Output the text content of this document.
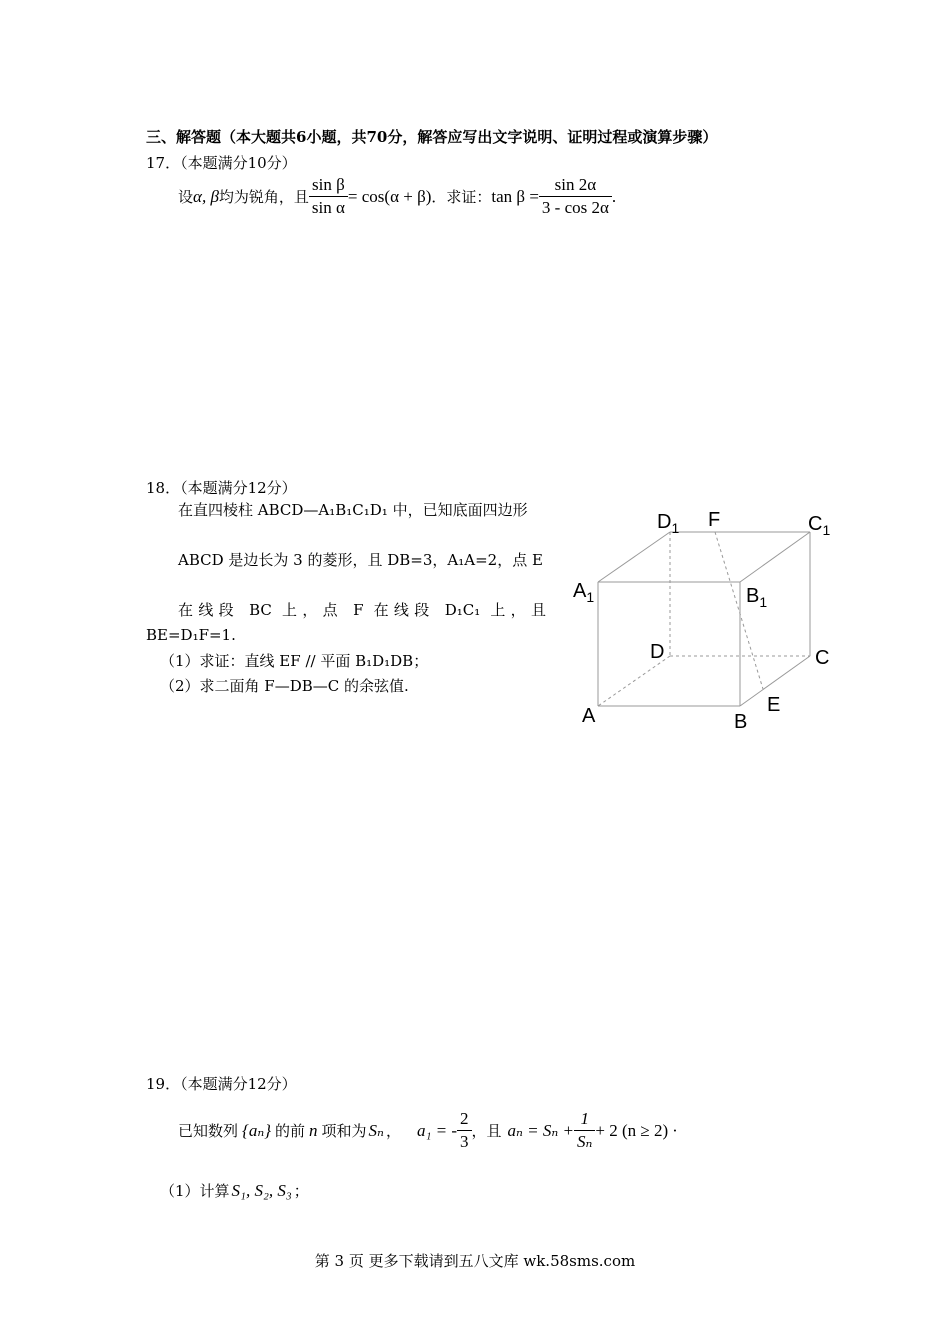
三、解答题（本大题共6小题，共70分，解答应写出文字说明、证明过程或演算步骤）
17．（本题满分10分）
设 α, β 均为锐角，且 $\frac{\text{sin β}}{\text{sin α}} = \cos(\alpha + \beta)$ ．求证： $\tan \beta = \frac{\sin 2\alpha}{3 - \cos 2\alpha}$ .
18．（本题满分12分）
在直四棱柱 ABCD—A₁B₁C₁D₁ 中，已知底面四边形
ABCD 是边长为 3 的菱形，且 DB=3，A₁A=2，点 E
在线段 BC 上，点 F 在线段 D₁C₁ 上，且 BE=D₁F=1.
（1）求证：直线 EF // 平面 B₁D₁DB；
（2）求二面角 F—DB—C 的余弦值.
$D_1$ F	$C_1$
$A_1$	$B_1$
D	C
A	B
E
19．（本题满分12分）
已知数列 {aₙ} 的前 n 项和为 Sₙ ， a₁ = - $\frac{2}{3}$ ，且 $a_n = S_n + \frac{1}{\text{Sₙ}} + 2$ (n ≥ 2) ·
（1）计算 S₁, S₂, S₃ ；
第 3 页 更多下载请到五八文库 wk.58sms.com
